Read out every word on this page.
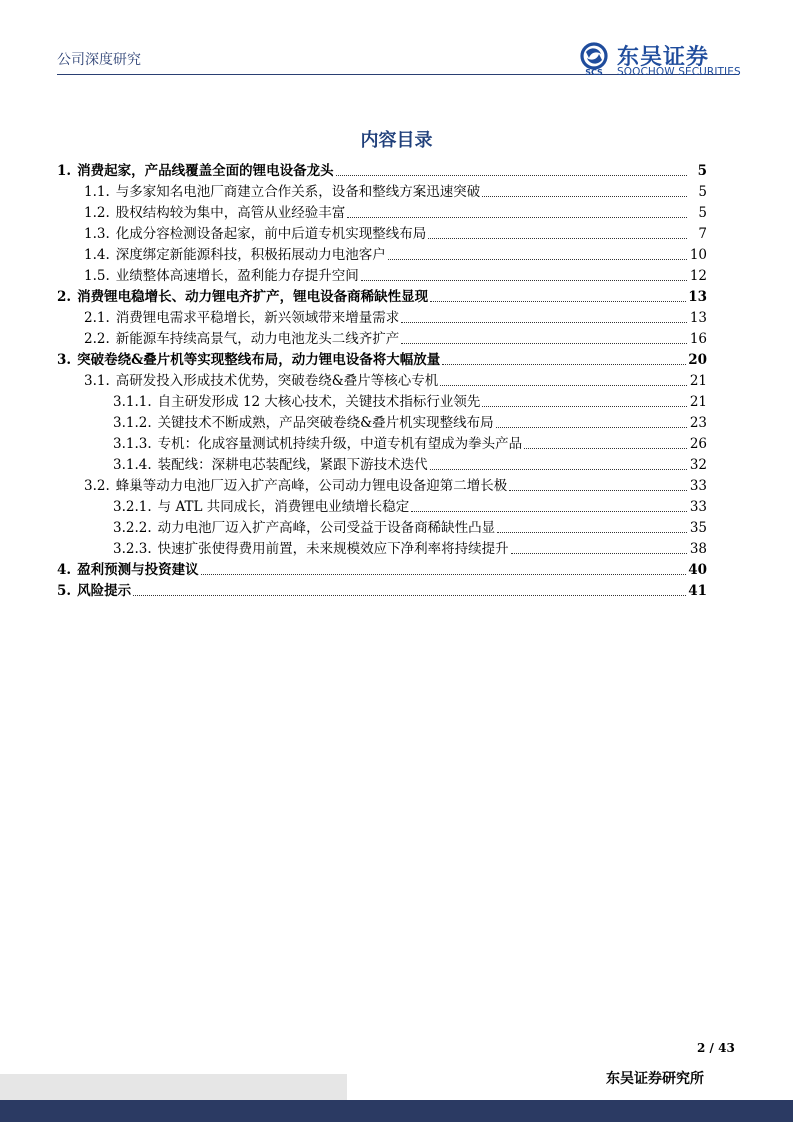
公司深度研究
SCS
东吴证券
SOOCHOW SECURITIES
内容目录
1. 消费起家，产品线覆盖全面的锂电设备龙头	5
1.1. 与多家知名电池厂商建立合作关系，设备和整线方案迅速突破	5
1.2. 股权结构较为集中，高管从业经验丰富	5
1.3. 化成分容检测设备起家，前中后道专机实现整线布局	7
1.4. 深度绑定新能源科技，积极拓展动力电池客户	10
1.5. 业绩整体高速增长，盈利能力存提升空间	12
2. 消费锂电稳增长、动力锂电齐扩产，锂电设备商稀缺性显现	13
2.1. 消费锂电需求平稳增长，新兴领域带来增量需求	13
2.2. 新能源车持续高景气，动力电池龙头二线齐扩产	16
3. 突破卷绕&叠片机等实现整线布局，动力锂电设备将大幅放量	20
3.1. 高研发投入形成技术优势，突破卷绕&叠片等核心专机	21
3.1.1. 自主研发形成 12 大核心技术，关键技术指标行业领先	21
3.1.2. 关键技术不断成熟，产品突破卷绕&叠片机实现整线布局	23
3.1.3. 专机：化成容量测试机持续升级，中道专机有望成为拳头产品	26
3.1.4. 装配线：深耕电芯装配线，紧跟下游技术迭代	32
3.2. 蜂巢等动力电池厂迈入扩产高峰，公司动力锂电设备迎第二增长极	33
3.2.1. 与 ATL 共同成长，消费锂电业绩增长稳定	33
3.2.2. 动力电池厂迈入扩产高峰，公司受益于设备商稀缺性凸显	35
3.2.3. 快速扩张使得费用前置，未来规模效应下净利率将持续提升	38
4. 盈利预测与投资建议	40
5. 风险提示	41
2 / 43
东吴证券研究所
